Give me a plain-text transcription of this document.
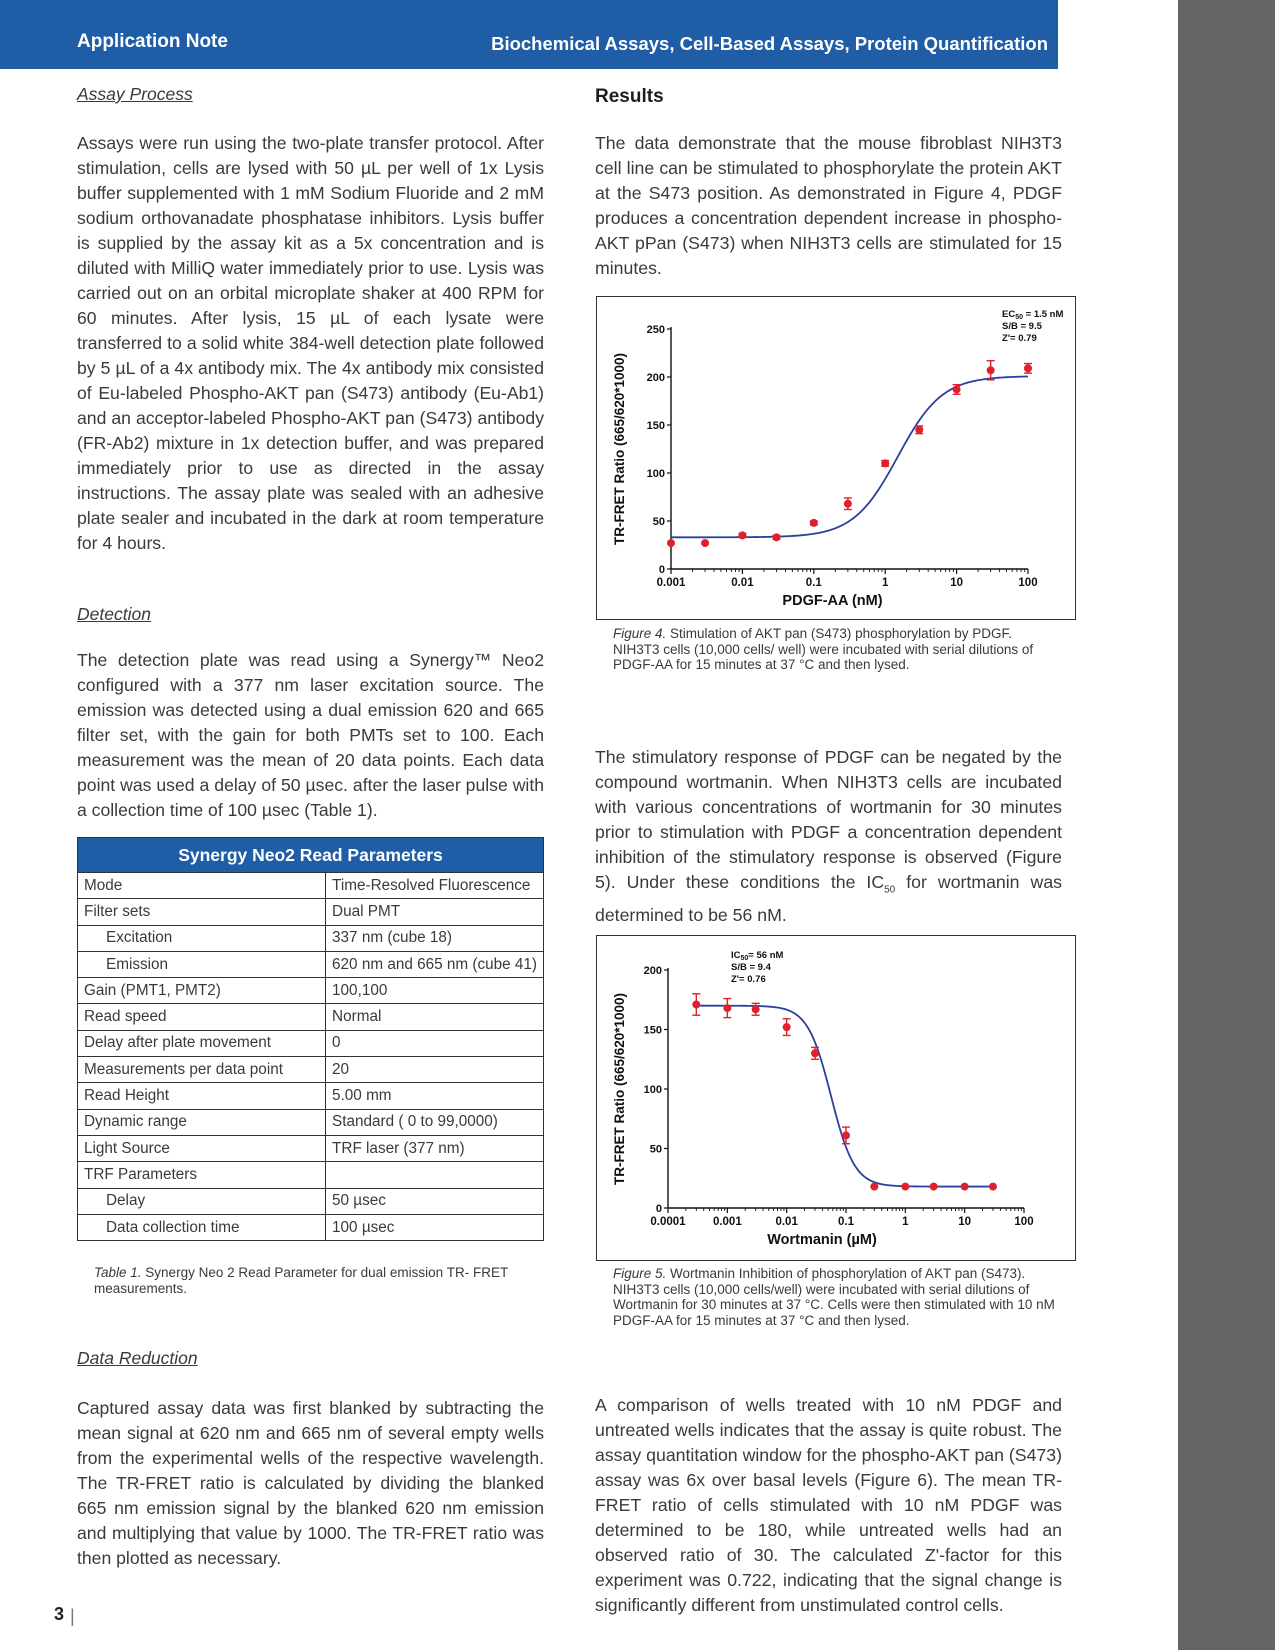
Application Note	Biochemical Assays, Cell-Based Assays, Protein Quantification
Assay Process

Assays were run using the two-plate transfer protocol. After stimulation, cells are lysed with 50 µL per well of 1x Lysis buffer supplemented with 1 mM Sodium Fluoride and 2 mM sodium orthovanadate phosphatase inhibitors. Lysis buffer is supplied by the assay kit as a 5x concentration and is diluted with MilliQ water immediately prior to use. Lysis was carried out on an orbital microplate shaker at 400 RPM for 60 minutes. After lysis, 15 µL of each lysate were transferred to a solid white 384-well detection plate followed by 5 µL of a 4x antibody mix. The 4x antibody mix consisted of Eu-labeled Phospho-AKT pan (S473) antibody (Eu-Ab1) and an acceptor-labeled Phospho-AKT pan (S473) antibody (FR-Ab2) mixture in 1x detection buffer, and was prepared immediately prior to use as directed in the assay instructions. The assay plate was sealed with an adhesive plate sealer and incubated in the dark at room temperature for 4 hours.

Detection

The detection plate was read using a Synergy™ Neo2 configured with a 377 nm laser excitation source. The emission was detected using a dual emission 620 and 665 filter set, with the gain for both PMTs set to 100. Each measurement was the mean of 20 data points. Each data point was used a delay of 50 µsec. after the laser pulse with a collection time of 100 µsec (Table 1).

Synergy Neo2 Read Parameters	
Mode	Time-Resolved Fluorescence
Filter sets	Dual PMT
Excitation	337 nm (cube 18)
Emission	620 nm and 665 nm (cube 41)
Gain (PMT1, PMT2)	100,100
Read speed	Normal
Delay after plate movement	0
Measurements per data point	20
Read Height	5.00 mm
Dynamic range	Standard ( 0 to 99,0000)
Light Source	TRF laser (377 nm)
TRF Parameters	
Delay	50 µsec
Data collection time	100 µsec
Table 1. Synergy Neo 2 Read Parameter for dual emission TR- FRET measurements.
Data Reduction

Captured assay data was first blanked by subtracting the mean signal at 620 nm and 665 nm of several empty wells from the experimental wells of the respective wavelength. The TR-FRET ratio is calculated by dividing the blanked 665 nm emission signal by the blanked 620 nm emission and multiplying that value by 1000. The TR-FRET ratio was then plotted as necessary.

Results

The data demonstrate that the mouse fibroblast NIH3T3 cell line can be stimulated to phosphorylate the protein AKT at the S473 position. As demonstrated in Figure 4, PDGF produces a concentration dependent increase in phospho-AKT pPan (S473) when NIH3T3 cells are stimulated for 15 minutes.

0
50
100
150
200
250
0.001	0.01	0.1	1	10	100
PDGF-AA (nM)
TR-FRET Ratio (665/620*1000)
$EC_{50} = 1.5$ nM
S/B = 9.5
Z'= 0.79
Figure 4. Stimulation of AKT pan (S473) phosphorylation by PDGF.
NIH3T3 cells (10,000 cells/ well) were incubated with serial dilutions of PDGF-AA for 15 minutes at 37 °C and then lysed.

The stimulatory response of PDGF can be negated by the compound wortmanin. When NIH3T3 cells are incubated with various concentrations of wortmanin for 30 minutes prior to stimulation with PDGF a concentration dependent inhibition of the stimulatory response is observed (Figure 5). Under these conditions the $IC_{50}$ for wortmanin was determined to be 56 nM.

0
50
100
150
200
0.0001 0.001	0.01	0.1	1	10	100
Wortmanin (µM)
TR-FRET Ratio (665/620*1000)
$IC_{50}= 56$ nM
S/B = 9.4
Z'= 0.76
Figure 5. Wortmanin Inhibition of phosphorylation of AKT pan (S473).
NIH3T3 cells (10,000 cells/well) were incubated with serial dilutions of Wortmanin for 30 minutes at 37 °C. Cells were then stimulated with 10 nM PDGF-AA for 15 minutes at 37 °C and then lysed.

A comparison of wells treated with 10 nM PDGF and untreated wells indicates that the assay is quite robust. The assay quantitation window for the phospho-AKT pan (S473) assay was 6x over basal levels (Figure 6). The mean TR-FRET ratio of cells stimulated with 10 nM PDGF was determined to be 180, while untreated wells had an observed ratio of 30. The calculated Z'-factor for this experiment was 0.722, indicating that the signal change is significantly different from unstimulated control cells.

3 |
